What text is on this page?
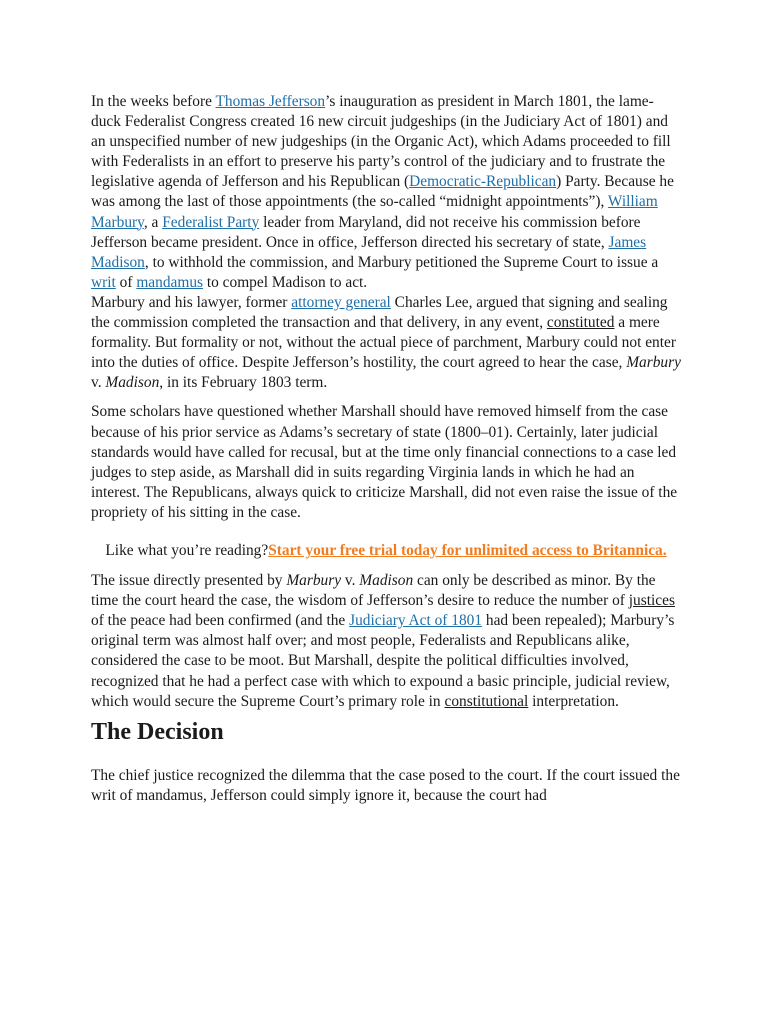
In the weeks before Thomas Jefferson’s inauguration as president in March 1801, the lame-duck Federalist Congress created 16 new circuit judgeships (in the Judiciary Act of 1801) and an unspecified number of new judgeships (in the Organic Act), which Adams proceeded to fill with Federalists in an effort to preserve his party’s control of the judiciary and to frustrate the legislative agenda of Jefferson and his Republican (Democratic-Republican) Party. Because he was among the last of those appointments (the so-called “midnight appointments”), William Marbury, a Federalist Party leader from Maryland, did not receive his commission before Jefferson became president. Once in office, Jefferson directed his secretary of state, James Madison, to withhold the commission, and Marbury petitioned the Supreme Court to issue a writ of mandamus to compel Madison to act.

Marbury and his lawyer, former attorney general Charles Lee, argued that signing and sealing the commission completed the transaction and that delivery, in any event, constituted a mere formality. But formality or not, without the actual piece of parchment, Marbury could not enter into the duties of office. Despite Jefferson’s hostility, the court agreed to hear the case, Marbury v. Madison, in its February 1803 term.

Some scholars have questioned whether Marshall should have removed himself from the case because of his prior service as Adams’s secretary of state (1800–01). Certainly, later judicial standards would have called for recusal, but at the time only financial connections to a case led judges to step aside, as Marshall did in suits regarding Virginia lands in which he had an interest. The Republicans, always quick to criticize Marshall, did not even raise the issue of the propriety of his sitting in the case.

Like what you’re reading?Start your free trial today for unlimited access to Britannica.

The issue directly presented by Marbury v. Madison can only be described as minor. By the time the court heard the case, the wisdom of Jefferson’s desire to reduce the number of justices of the peace had been confirmed (and the Judiciary Act of 1801 had been repealed); Marbury’s original term was almost half over; and most people, Federalists and Republicans alike, considered the case to be moot. But Marshall, despite the political difficulties involved, recognized that he had a perfect case with which to expound a basic principle, judicial review, which would secure the Supreme Court’s primary role in constitutional interpretation.

The Decision

The chief justice recognized the dilemma that the case posed to the court. If the court issued the writ of mandamus, Jefferson could simply ignore it, because the court had
